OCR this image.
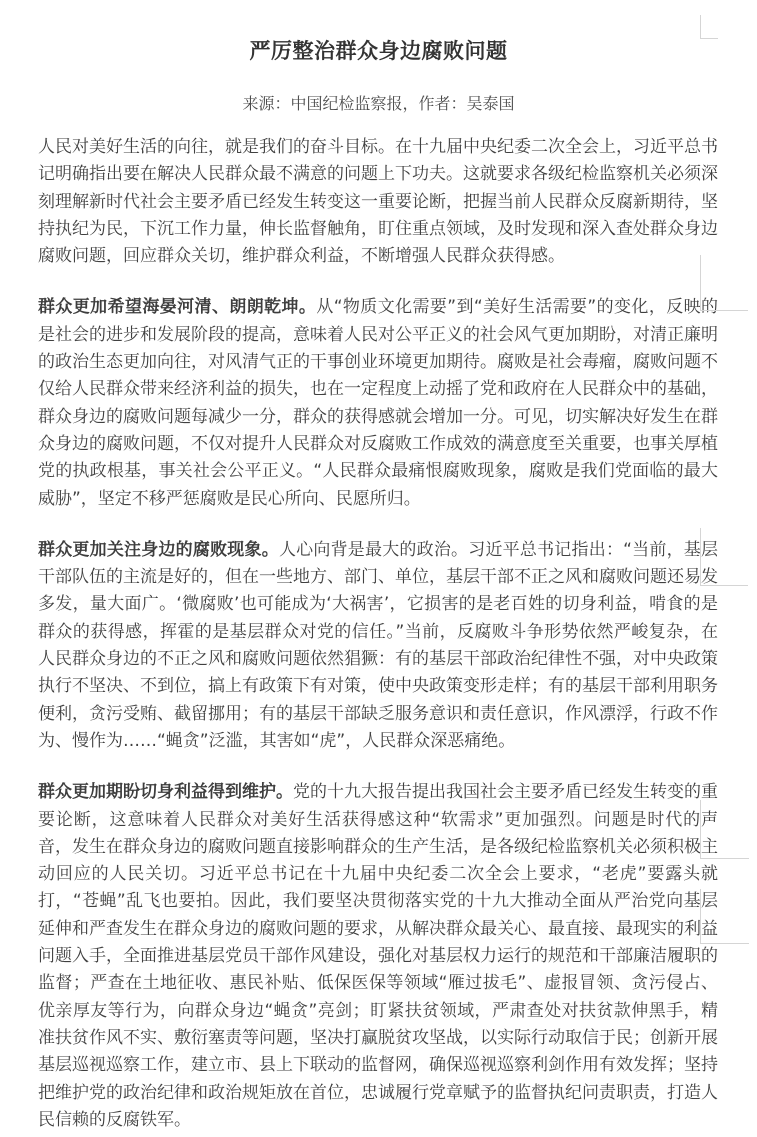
严厉整治群众身边腐败问题
来源：中国纪检监察报，作者：吴泰国

人民对美好生活的向往，就是我们的奋斗目标。在十九届中央纪委二次全会上，习近平总书记明确指出要在解决人民群众最不满意的问题上下功夫。这就要求各级纪检监察机关必须深刻理解新时代社会主要矛盾已经发生转变这一重要论断，把握当前人民群众反腐新期待，坚持执纪为民，下沉工作力量，伸长监督触角，盯住重点领域，及时发现和深入查处群众身边腐败问题，回应群众关切，维护群众利益，不断增强人民群众获得感。

群众更加希望海晏河清、朗朗乾坤。从“物质文化需要”到“美好生活需要”的变化，反映的是社会的进步和发展阶段的提高，意味着人民对公平正义的社会风气更加期盼，对清正廉明的政治生态更加向往，对风清气正的干事创业环境更加期待。腐败是社会毒瘤，腐败问题不仅给人民群众带来经济利益的损失，也在一定程度上动摇了党和政府在人民群众中的基础，群众身边的腐败问题每减少一分，群众的获得感就会增加一分。可见，切实解决好发生在群众身边的腐败问题，不仅对提升人民群众对反腐败工作成效的满意度至关重要，也事关厚植党的执政根基，事关社会公平正义。“人民群众最痛恨腐败现象，腐败是我们党面临的最大威胁”，坚定不移严惩腐败是民心所向、民愿所归。

群众更加关注身边的腐败现象。人心向背是最大的政治。习近平总书记指出：“当前，基层干部队伍的主流是好的，但在一些地方、部门、单位，基层干部不正之风和腐败问题还易发多发，量大面广。‘微腐败’也可能成为‘大祸害’，它损害的是老百姓的切身利益，啃食的是群众的获得感，挥霍的是基层群众对党的信任。”当前，反腐败斗争形势依然严峻复杂，在人民群众身边的不正之风和腐败问题依然猖獗：有的基层干部政治纪律性不强，对中央政策执行不坚决、不到位，搞上有政策下有对策，使中央政策变形走样；有的基层干部利用职务便利，贪污受贿、截留挪用；有的基层干部缺乏服务意识和责任意识，作风漂浮，行政不作为、慢作为……“蝇贪”泛滥，其害如“虎”，人民群众深恶痛绝。

群众更加期盼切身利益得到维护。党的十九大报告提出我国社会主要矛盾已经发生转变的重要论断，这意味着人民群众对美好生活获得感这种“软需求”更加强烈。问题是时代的声音，发生在群众身边的腐败问题直接影响群众的生产生活，是各级纪检监察机关必须积极主动回应的人民关切。习近平总书记在十九届中央纪委二次全会上要求，“老虎”要露头就打，“苍蝇”乱飞也要拍。因此，我们要坚决贯彻落实党的十九大推动全面从严治党向基层延伸和严查发生在群众身边的腐败问题的要求，从解决群众最关心、最直接、最现实的利益问题入手，全面推进基层党员干部作风建设，强化对基层权力运行的规范和干部廉洁履职的监督；严查在土地征收、惠民补贴、低保医保等领域“雁过拔毛”、虚报冒领、贪污侵占、优亲厚友等行为，向群众身边“蝇贪”亮剑；盯紧扶贫领域，严肃查处对扶贫款伸黑手，精准扶贫作风不实、敷衍塞责等问题，坚决打赢脱贫攻坚战，以实际行动取信于民；创新开展基层巡视巡察工作，建立市、县上下联动的监督网，确保巡视巡察利剑作用有效发挥；坚持把维护党的政治纪律和政治规矩放在首位，忠诚履行党章赋予的监督执纪问责职责，打造人民信赖的反腐铁军。
